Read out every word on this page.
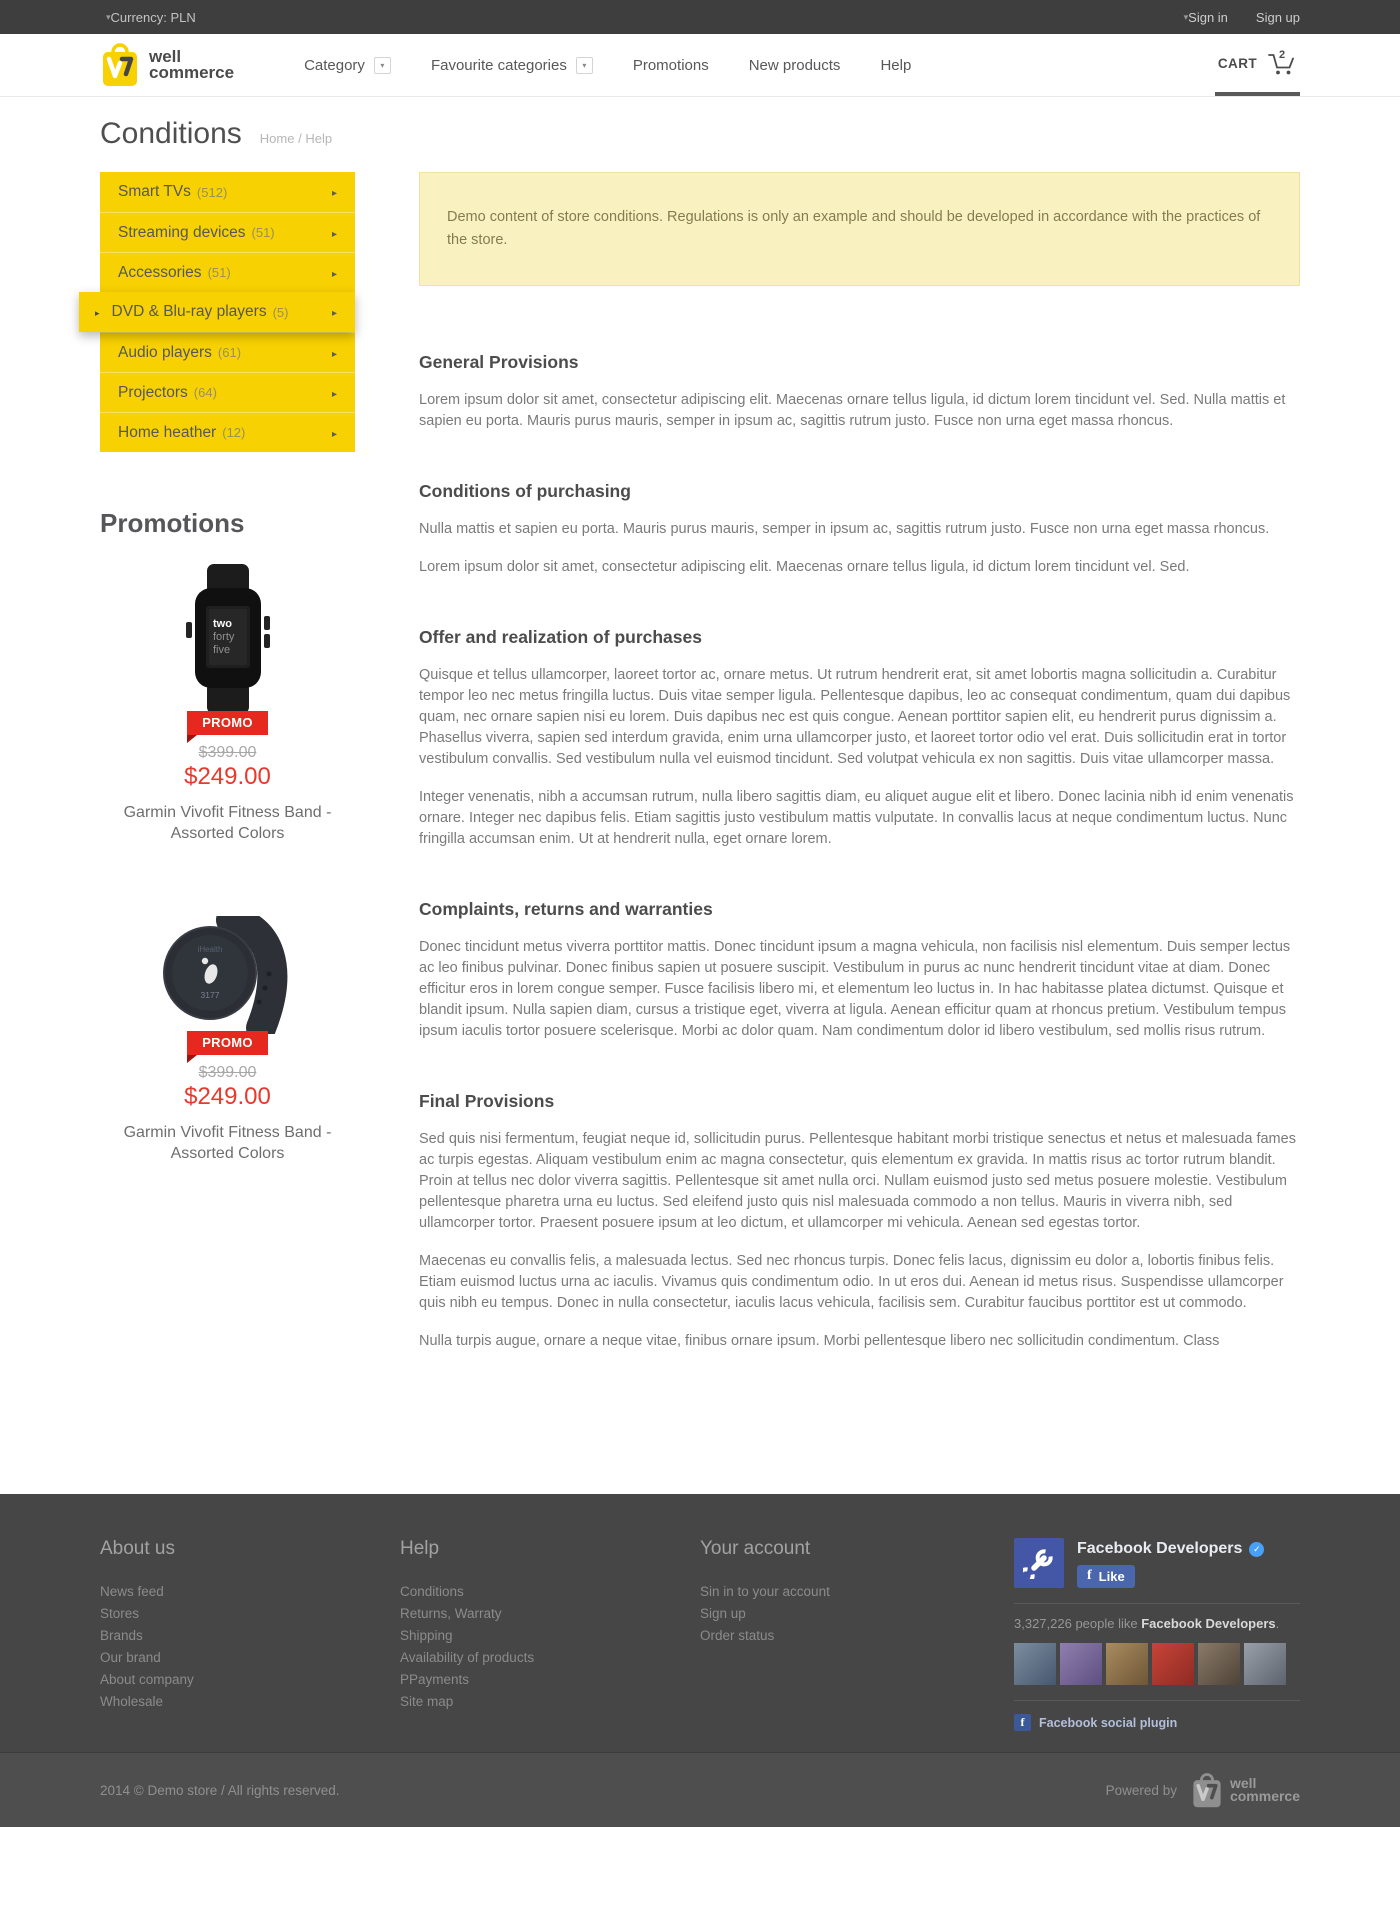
▾ Currency: PLN	▾ Sign in Sign up
well
commerce	Category ▾	Favourite categories ▾	Promotions	New products	Help	CART
2
Conditions Home / Help
Smart TVs (512)
▸
Streaming devices (51)
▸
Accessories (51)
▸
▸
DVD & Blu-ray players (5)
▸
Audio players (61)
▸
Projectors (64)
▸
Home heather (12)
▸
Promotions
two
forty
five
PROMO
$399.00
$249.00
Garmin Vivofit Fitness Band - Assorted Colors
iHealth
3177
PROMO
$399.00
$249.00
Garmin Vivofit Fitness Band - Assorted Colors
Demo content of store conditions. Regulations is only an example and should be developed in accordance with the practices of the store.
General Provisions

Lorem ipsum dolor sit amet, consectetur adipiscing elit. Maecenas ornare tellus ligula, id dictum lorem tincidunt vel. Sed. Nulla mattis et sapien eu porta. Mauris purus mauris, semper in ipsum ac, sagittis rutrum justo. Fusce non urna eget massa rhoncus.

Conditions of purchasing

Nulla mattis et sapien eu porta. Mauris purus mauris, semper in ipsum ac, sagittis rutrum justo. Fusce non urna eget massa rhoncus.

Lorem ipsum dolor sit amet, consectetur adipiscing elit. Maecenas ornare tellus ligula, id dictum lorem tincidunt vel. Sed.

Offer and realization of purchases

Quisque et tellus ullamcorper, laoreet tortor ac, ornare metus. Ut rutrum hendrerit erat, sit amet lobortis magna sollicitudin a. Curabitur tempor leo nec metus fringilla luctus. Duis vitae semper ligula. Pellentesque dapibus, leo ac consequat condimentum, quam dui dapibus quam, nec ornare sapien nisi eu lorem. Duis dapibus nec est quis congue. Aenean porttitor sapien elit, eu hendrerit purus dignissim a. Phasellus viverra, sapien sed interdum gravida, enim urna ullamcorper justo, et laoreet tortor odio vel erat. Duis sollicitudin erat in tortor vestibulum convallis. Sed vestibulum nulla vel euismod tincidunt. Sed volutpat vehicula ex non sagittis. Duis vitae ullamcorper massa.

Integer venenatis, nibh a accumsan rutrum, nulla libero sagittis diam, eu aliquet augue elit et libero. Donec lacinia nibh id enim venenatis ornare. Integer nec dapibus felis. Etiam sagittis justo vestibulum mattis vulputate. In convallis lacus at neque condimentum luctus. Nunc fringilla accumsan enim. Ut at hendrerit nulla, eget ornare lorem.

Complaints, returns and warranties

Donec tincidunt metus viverra porttitor mattis. Donec tincidunt ipsum a magna vehicula, non facilisis nisl elementum. Duis semper lectus ac leo finibus pulvinar. Donec finibus sapien ut posuere suscipit. Vestibulum in purus ac nunc hendrerit tincidunt vitae at diam. Donec efficitur eros in lorem congue semper. Fusce facilisis libero mi, et elementum leo luctus in. In hac habitasse platea dictumst. Quisque et blandit ipsum. Nulla sapien diam, cursus a tristique eget, viverra at ligula. Aenean efficitur quam at rhoncus pretium. Vestibulum tempus ipsum iaculis tortor posuere scelerisque. Morbi ac dolor quam. Nam condimentum dolor id libero vestibulum, sed mollis risus rutrum.

Final Provisions

Sed quis nisi fermentum, feugiat neque id, sollicitudin purus. Pellentesque habitant morbi tristique senectus et netus et malesuada fames ac turpis egestas. Aliquam vestibulum enim ac magna consectetur, quis elementum ex gravida. In mattis risus ac tortor rutrum blandit. Proin at tellus nec dolor viverra sagittis. Pellentesque sit amet nulla orci. Nullam euismod justo sed metus posuere molestie. Vestibulum pellentesque pharetra urna eu luctus. Sed eleifend justo quis nisl malesuada commodo a non tellus. Mauris in viverra nibh, sed ullamcorper tortor. Praesent posuere ipsum at leo dictum, et ullamcorper mi vehicula. Aenean sed egestas tortor.

Maecenas eu convallis felis, a malesuada lectus. Sed nec rhoncus turpis. Donec felis lacus, dignissim eu dolor a, lobortis finibus felis. Etiam euismod luctus urna ac iaculis. Vivamus quis condimentum odio. In ut eros dui. Aenean id metus risus. Suspendisse ullamcorper quis nibh eu tempus. Donec in nulla consectetur, iaculis lacus vehicula, facilisis sem. Curabitur faucibus porttitor est ut commodo.

Nulla turpis augue, ornare a neque vitae, finibus ornare ipsum. Morbi pellentesque libero nec sollicitudin condimentum. Class

About us
News feed
Stores
Brands
Our brand
About company
Wholesale
Help
Conditions
Returns, Warraty
Shipping
Availability of products
PPayments
Site map
Your account
Sin in to your account
Sign up
Order status
Facebook Developers
✓
f Like
3,327,226 people like Facebook Developers.
f	Facebook social plugin
2014 © Demo store / All rights reserved.	Powered by	well
commerce
